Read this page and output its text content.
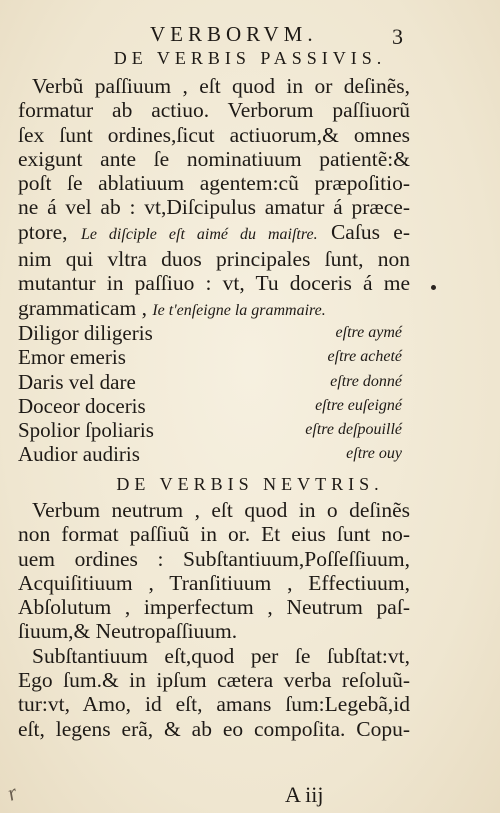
VERBORVM.	3
DE VERBIS PASSIVIS.
Verbũ paſſiuum , eſt quod in or deſinẽs,
formatur ab actiuo. Verborum paſſiuorũ
ſex ſunt ordines,ſicut actiuorum,& omnes
exigunt ante ſe nominatiuum patientẽ:&
poſt ſe ablatiuum agentem:cũ præpoſitio-
ne á vel ab : vt,Diſcipulus amatur á præce-
ptore, Le diſciple eſt aimé du maiſtre. Caſus e-
nim qui vltra duos principales ſunt, non
mutantur in paſſiuo : vt, Tu doceris á me
grammaticam , Ie t'enſeigne la grammaire.
Diligor diligeris	eſtre aymé
Emor emeris	eſtre acheté
Daris vel dare	eſtre donné
Doceor doceris	eſtre euſeigné
Spolior ſpoliaris	eſtre deſpouillé
Audior audiris	eſtre ouy
DE VERBIS NEVTRIS.
Verbum neutrum , eſt quod in o deſinẽs
non format paſſiuũ in or. Et eius ſunt no-
uem ordines : Subſtantiuum,Poſſeſſiuum,
Acquiſitiuum , Tranſitiuum , Effectiuum,
Abſolutum , imperfectum , Neutrum paſ-
ſiuum,& Neutropaſſiuum.
Subſtantiuum eſt,quod per ſe ſubſtat:vt,
Ego ſum.& in ipſum cætera verba reſoluũ-
tur:vt, Amo, id eſt, amans ſum:Legebã,id
eſt, legens erã, & ab eo compoſita. Copu-
A iij
r
